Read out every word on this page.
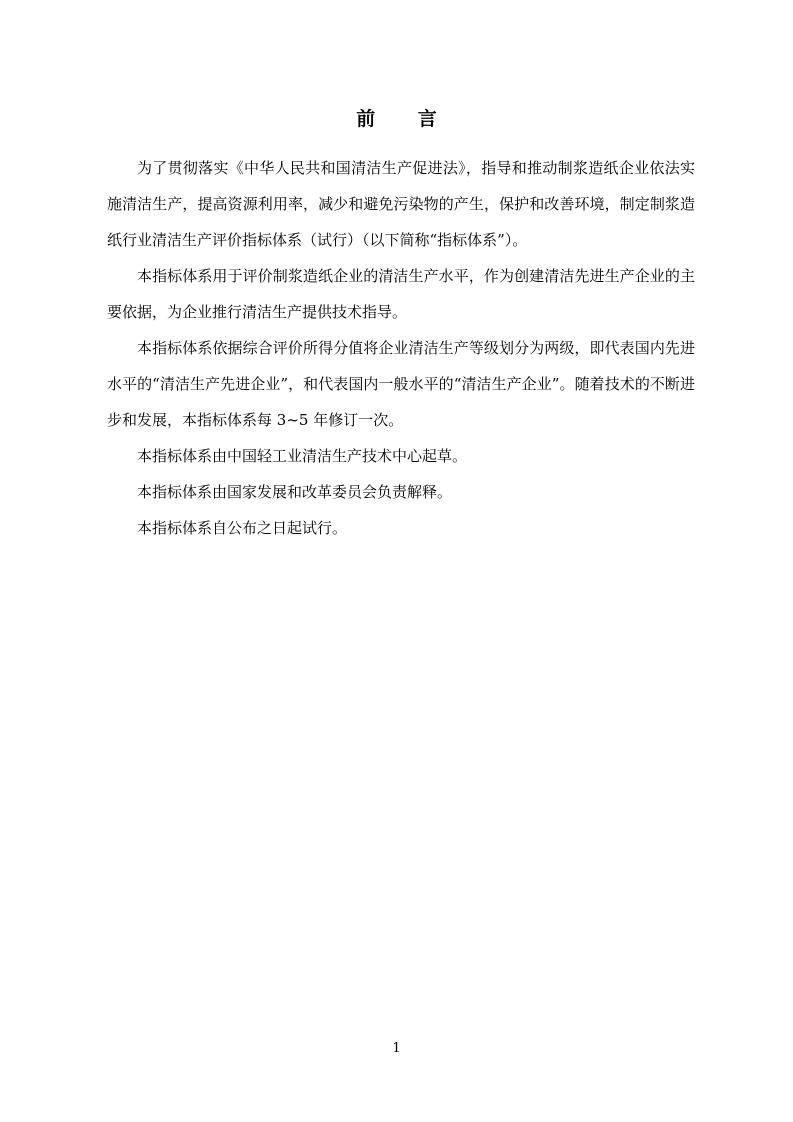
前 言

为了贯彻落实《中华人民共和国清洁生产促进法》，指导和推动制浆造纸企业依法实施清洁生产，提高资源利用率，减少和避免污染物的产生，保护和改善环境，制定制浆造纸行业清洁生产评价指标体系（试行）（以下简称“指标体系”）。

本指标体系用于评价制浆造纸企业的清洁生产水平，作为创建清洁先进生产企业的主要依据，为企业推行清洁生产提供技术指导。

本指标体系依据综合评价所得分值将企业清洁生产等级划分为两级，即代表国内先进水平的“清洁生产先进企业”，和代表国内一般水平的“清洁生产企业”。随着技术的不断进步和发展，本指标体系每 3~5 年修订一次。

本指标体系由中国轻工业清洁生产技术中心起草。

本指标体系由国家发展和改革委员会负责解释。

本指标体系自公布之日起试行。

1
